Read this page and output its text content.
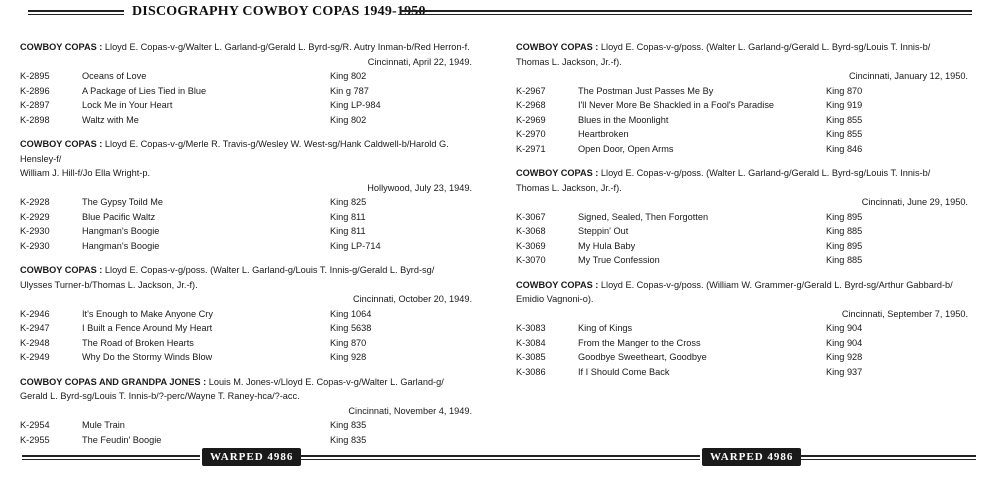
DISCOGRAPHY COWBOY COPAS 1949-1950

COWBOY COPAS : Lloyd E. Copas-v-g/Walter L. Garland-g/Gerald L. Byrd-sg/R. Autry Inman-b/Red Herron-f.

Cincinnati, April 22, 1949.

K-2895	Oceans of Love	King 802
K-2896	A Package of Lies Tied in Blue	Kin g 787
K-2897	Lock Me in Your Heart	King LP-984
K-2898	Waltz with Me	King 802

COWBOY COPAS : Lloyd E. Copas-v-g/Merle R. Travis-g/Wesley W. West-sg/Hank Caldwell-b/Harold G. Hensley-f/

William J. Hill-f/Jo Ella Wright-p.

Hollywood, July 23, 1949.

K-2928	The Gypsy Toild Me	King 825
K-2929	Blue Pacific Waltz	King 811
K-2930	Hangman's Boogie	King 811
K-2930	Hangman's Boogie	King LP-714

COWBOY COPAS : Lloyd E. Copas-v-g/poss. (Walter L. Garland-g/Louis T. Innis-g/Gerald L. Byrd-sg/

Ulysses Turner-b/Thomas L. Jackson, Jr.-f).

Cincinnati, October 20, 1949.

K-2946	It's Enough to Make Anyone Cry	King 1064
K-2947	I Built a Fence Around My Heart	King 5638
K-2948	The Road of Broken Hearts	King 870
K-2949	Why Do the Stormy Winds Blow	King 928

COWBOY COPAS AND GRANDPA JONES : Louis M. Jones-v/Lloyd E. Copas-v-g/Walter L. Garland-g/

Gerald L. Byrd-sg/Louis T. Innis-b/?-perc/Wayne T. Raney-hca/?-acc.

Cincinnati, November 4, 1949.

K-2954	Mule Train	King 835
K-2955	The Feudin' Boogie	King 835

COWBOY COPAS : Lloyd E. Copas-v-g/poss. (Walter L. Garland-g/Gerald L. Byrd-sg/Louis T. Innis-b/

Thomas L. Jackson, Jr.-f).

Cincinnati, January 12, 1950.

K-2967	The Postman Just Passes Me By	King 870
K-2968	I'll Never More Be Shackled in a Fool's Paradise	King 919
K-2969	Blues in the Moonlight	King 855
K-2970	Heartbroken	King 855
K-2971	Open Door, Open Arms	King 846

COWBOY COPAS : Lloyd E. Copas-v-g/poss. (Walter L. Garland-g/Gerald L. Byrd-sg/Louis T. Innis-b/

Thomas L. Jackson, Jr.-f).

Cincinnati, June 29, 1950.

K-3067	Signed, Sealed, Then Forgotten	King 895
K-3068	Steppin' Out	King 885
K-3069	My Hula Baby	King 895
K-3070	My True Confession	King 885

COWBOY COPAS : Lloyd E. Copas-v-g/poss. (William W. Grammer-g/Gerald L. Byrd-sg/Arthur Gabbard-b/

Emidio Vagnoni-o).

Cincinnati, September 7, 1950.

K-3083	King of Kings	King 904
K-3084	From the Manger to the Cross	King 904
K-3085	Goodbye Sweetheart, Goodbye	King 928
K-3086	If I Should Come Back	King 937
WARPED 4986	WARPED 4986
